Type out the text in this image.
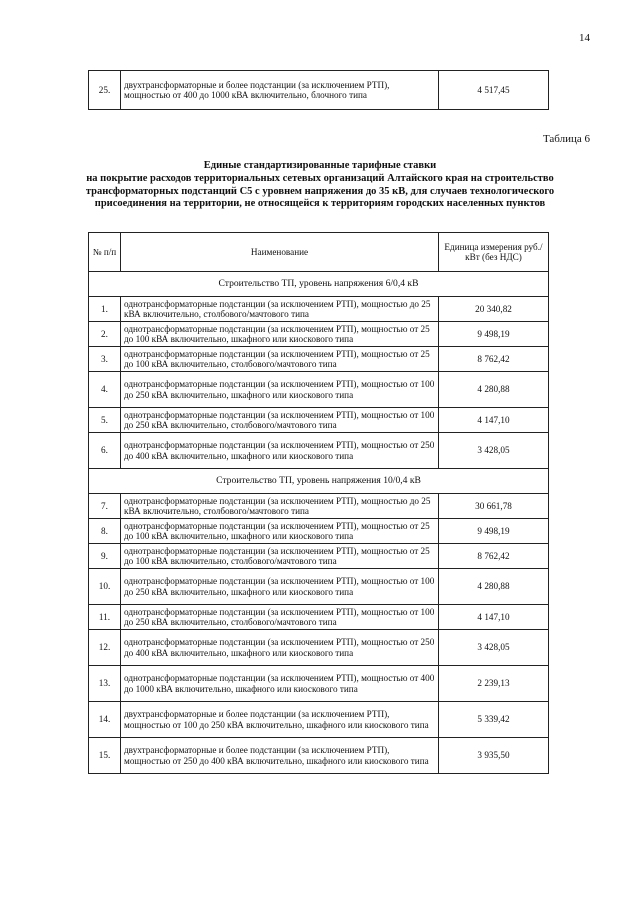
14
25.	двухтрансформаторные и более подстанции (за исключением РТП), мощностью от 400 до 1000 кВА включительно, блочного типа	4 517,45
Таблица 6
Единые стандартизированные тарифные ставки
на покрытие расходов территориальных сетевых организаций Алтайского края на строительство
трансформаторных подстанций С5 с уровнем напряжения до 35 кВ, для случаев технологического
присоединения на территории, не относящейся к территориям городских населенных пунктов
№ п/п	Наименование	Единица измерения руб./кВт (без НДС)
Строительство ТП, уровень напряжения 6/0,4 кВ		
1.	однотрансформаторные подстанции (за исключением РТП), мощностью до 25 кВА включительно, столбового/мачтового типа	20 340,82
2.	однотрансформаторные подстанции (за исключением РТП), мощностью от 25 до 100 кВА включительно, шкафного или киоскового типа	9 498,19
3.	однотрансформаторные подстанции (за исключением РТП), мощностью от 25 до 100 кВА включительно, столбового/мачтового типа	8 762,42
4.	однотрансформаторные подстанции (за исключением РТП), мощностью от 100 до 250 кВА включительно, шкафного или киоскового типа	4 280,88
5.	однотрансформаторные подстанции (за исключением РТП), мощностью от 100 до 250 кВА включительно, столбового/мачтового типа	4 147,10
6.	однотрансформаторные подстанции (за исключением РТП), мощностью от 250 до 400 кВА включительно, шкафного или киоскового типа	3 428,05
Строительство ТП, уровень напряжения 10/0,4 кВ		
7.	однотрансформаторные подстанции (за исключением РТП), мощностью до 25 кВА включительно, столбового/мачтового типа	30 661,78
8.	однотрансформаторные подстанции (за исключением РТП), мощностью от 25 до 100 кВА включительно, шкафного или киоскового типа	9 498,19
9.	однотрансформаторные подстанции (за исключением РТП), мощностью от 25 до 100 кВА включительно, столбового/мачтового типа	8 762,42
10.	однотрансформаторные подстанции (за исключением РТП), мощностью от 100 до 250 кВА включительно, шкафного или киоскового типа	4 280,88
11.	однотрансформаторные подстанции (за исключением РТП), мощностью от 100 до 250 кВА включительно, столбового/мачтового типа	4 147,10
12.	однотрансформаторные подстанции (за исключением РТП), мощностью от 250 до 400 кВА включительно, шкафного или киоскового типа	3 428,05
13.	однотрансформаторные подстанции (за исключением РТП), мощностью от 400 до 1000 кВА включительно, шкафного или киоскового типа	2 239,13
14.	двухтрансформаторные и более подстанции (за исключением РТП), мощностью от 100 до 250 кВА включительно, шкафного или киоскового типа	5 339,42
15.	двухтрансформаторные и более подстанции (за исключением РТП), мощностью от 250 до 400 кВА включительно, шкафного или киоскового типа	3 935,50
